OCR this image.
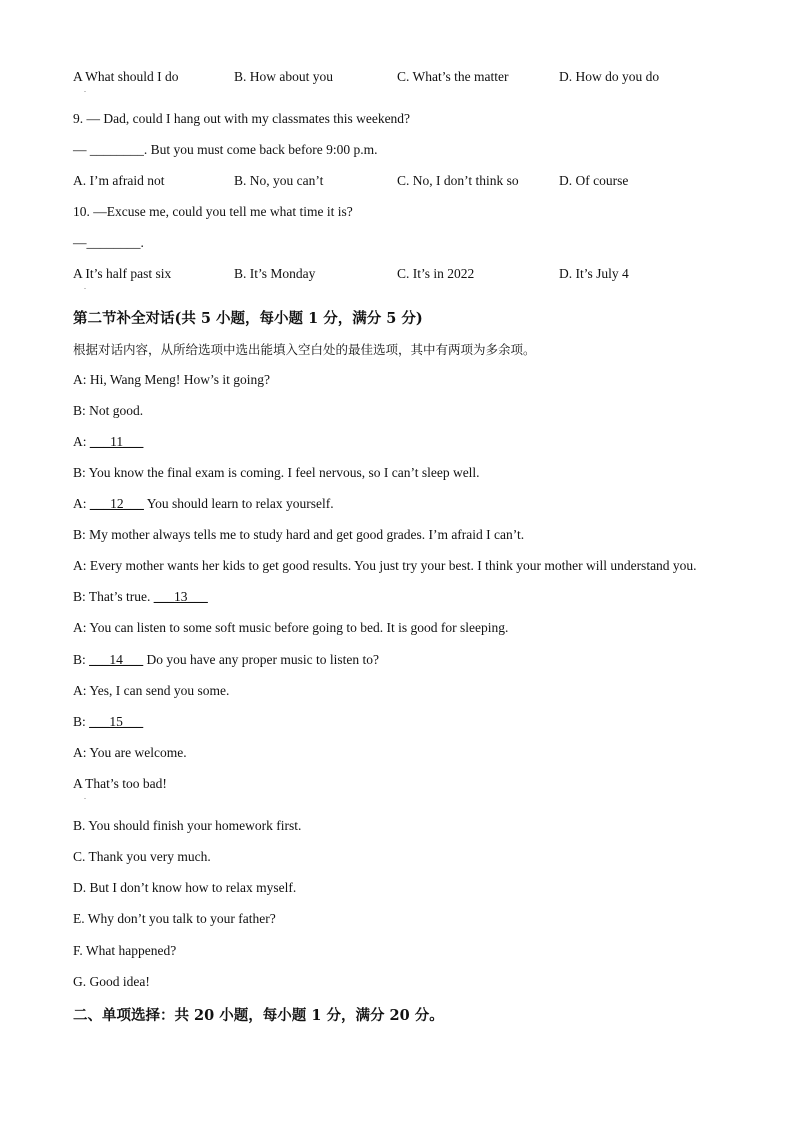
A What should I do
.
B. How about you	C. What’s the matter	D. How do you do
9. — Dad, could I hang out with my classmates this weekend?
— ________. But you must come back before 9:00 p.m.
A. I’m afraid not	B. No, you can’t	C. No, I don’t think so	D. Of course
10. —Excuse me, could you tell me what time it is?
—________.
A It’s half past six
.
B. It’s Monday	C. It’s in 2022	D. It’s July 4
第二节补全对话(共 5 小题，每小题 1 分，满分 5 分)
根据对话内容，从所给选项中选出能填入空白处的最佳选项，其中有两项为多余项。
A: Hi, Wang Meng! How’s it going?
B: Not good.
A: ___11___
B: You know the final exam is coming. I feel nervous, so I can’t sleep well.
A: ___12___ You should learn to relax yourself.
B: My mother always tells me to study hard and get good grades. I’m afraid I can’t.
A: Every mother wants her kids to get good results. You just try your best. I think your mother will understand you.
B: That’s true. ___13___
A: You can listen to some soft music before going to bed. It is good for sleeping.
B: ___14___ Do you have any proper music to listen to?
A: Yes, I can send you some.
B: ___15___
A: You are welcome.
A That’s too bad!
.
B. You should finish your homework first.
C. Thank you very much.
D. But I don’t know how to relax myself.
E. Why don’t you talk to your father?
F. What happened?
G. Good idea!
二、单项选择：共 20 小题，每小题 1 分，满分 20 分。
